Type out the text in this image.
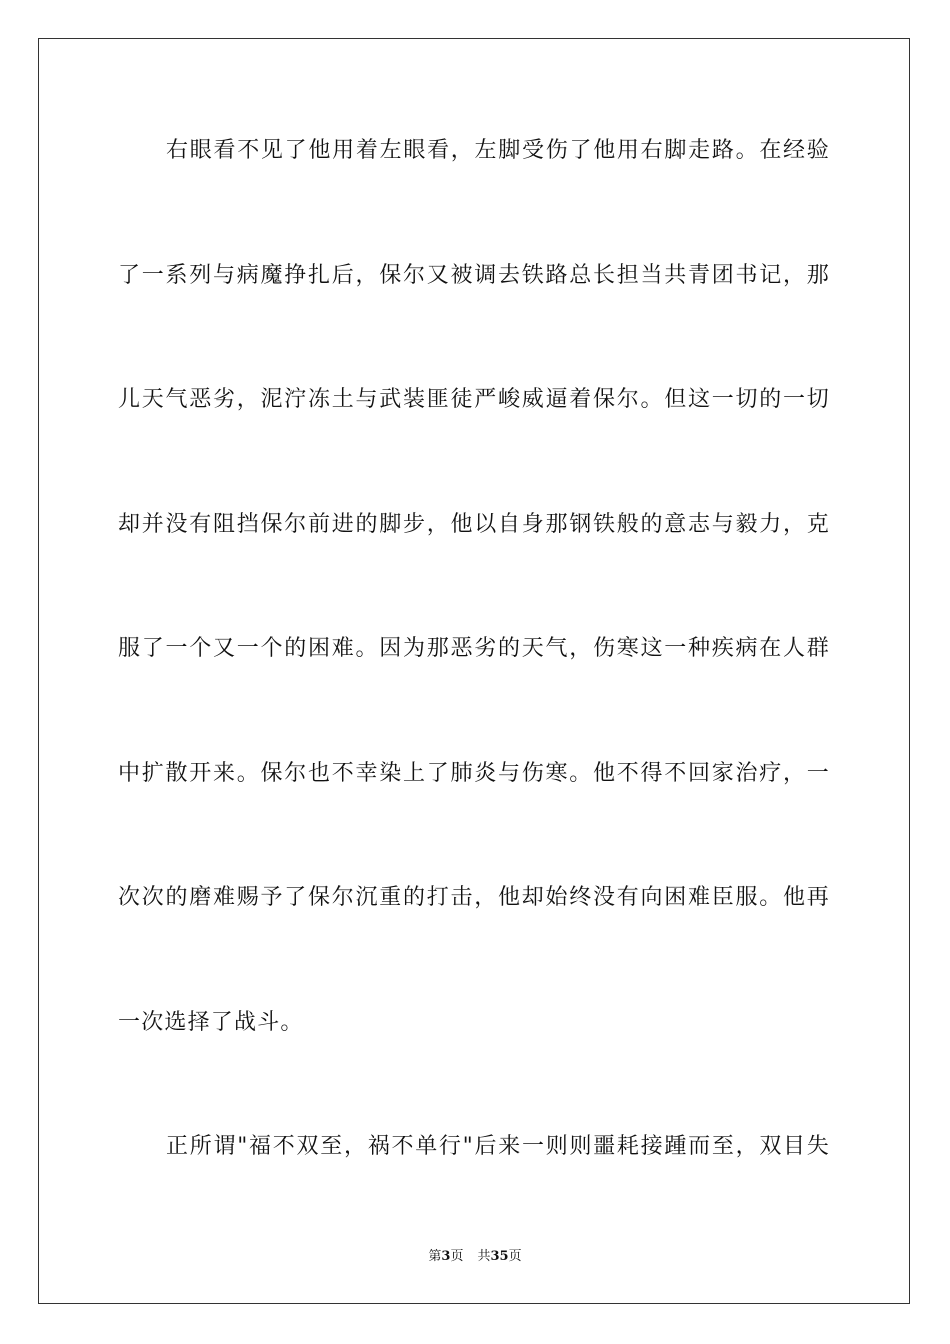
右眼看不见了他用着左眼看，左脚受伤了他用右脚走路。在经验
了一系列与病魔挣扎后，保尔又被调去铁路总长担当共青团书记，那
儿天气恶劣，泥泞冻土与武装匪徒严峻威逼着保尔。但这一切的一切
却并没有阻挡保尔前进的脚步，他以自身那钢铁般的意志与毅力，克
服了一个又一个的困难。因为那恶劣的天气，伤寒这一种疾病在人群
中扩散开来。保尔也不幸染上了肺炎与伤寒。他不得不回家治疗，一
次次的磨难赐予了保尔沉重的打击，他却始终没有向困难臣服。他再
一次选择了战斗。
正所谓"福不双至，祸不单行"后来一则则噩耗接踵而至，双目失
第3页 共35页
